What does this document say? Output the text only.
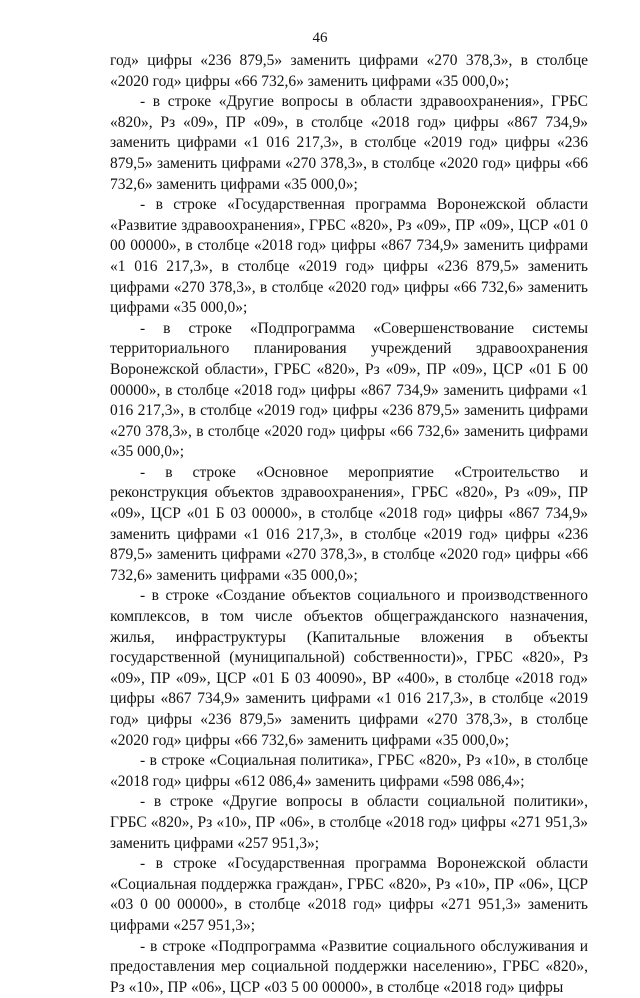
46

год» цифры «236 879,5» заменить цифрами «270 378,3», в столбце «2020 год» цифры «66 732,6» заменить цифрами «35 000,0»;

- в строке «Другие вопросы в области здравоохранения», ГРБС «820», Рз «09», ПР «09», в столбце «2018 год» цифры «867 734,9» заменить цифрами «1 016 217,3», в столбце «2019 год» цифры «236 879,5» заменить цифрами «270 378,3», в столбце «2020 год» цифры «66 732,6» заменить цифрами «35 000,0»;

- в строке «Государственная программа Воронежской области «Развитие здравоохранения», ГРБС «820», Рз «09», ПР «09», ЦСР «01 0 00 00000», в столбце «2018 год» цифры «867 734,9» заменить цифрами «1 016 217,3», в столбце «2019 год» цифры «236 879,5» заменить цифрами «270 378,3», в столбце «2020 год» цифры «66 732,6» заменить цифрами «35 000,0»;

- в строке «Подпрограмма «Совершенствование системы территориального планирования учреждений здравоохранения Воронежской области», ГРБС «820», Рз «09», ПР «09», ЦСР «01 Б 00 00000», в столбце «2018 год» цифры «867 734,9» заменить цифрами «1 016 217,3», в столбце «2019 год» цифры «236 879,5» заменить цифрами «270 378,3», в столбце «2020 год» цифры «66 732,6» заменить цифрами «35 000,0»;

- в строке «Основное мероприятие «Строительство и реконструкция объектов здравоохранения», ГРБС «820», Рз «09», ПР «09», ЦСР «01 Б 03 00000», в столбце «2018 год» цифры «867 734,9» заменить цифрами «1 016 217,3», в столбце «2019 год» цифры «236 879,5» заменить цифрами «270 378,3», в столбце «2020 год» цифры «66 732,6» заменить цифрами «35 000,0»;

- в строке «Создание объектов социального и производственного комплексов, в том числе объектов общегражданского назначения, жилья, инфраструктуры (Капитальные вложения в объекты государственной (муниципальной) собственности)», ГРБС «820», Рз «09», ПР «09», ЦСР «01 Б 03 40090», ВР «400», в столбце «2018 год» цифры «867 734,9» заменить цифрами «1 016 217,3», в столбце «2019 год» цифры «236 879,5» заменить цифрами «270 378,3», в столбце «2020 год» цифры «66 732,6» заменить цифрами «35 000,0»;

- в строке «Социальная политика», ГРБС «820», Рз «10», в столбце «2018 год» цифры «612 086,4» заменить цифрами «598 086,4»;

- в строке «Другие вопросы в области социальной политики», ГРБС «820», Рз «10», ПР «06», в столбце «2018 год» цифры «271 951,3» заменить цифрами «257 951,3»;

- в строке «Государственная программа Воронежской области «Социальная поддержка граждан», ГРБС «820», Рз «10», ПР «06», ЦСР «03 0 00 00000», в столбце «2018 год» цифры «271 951,3» заменить цифрами «257 951,3»;

- в строке «Подпрограмма «Развитие социального обслуживания и предоставления мер социальной поддержки населению», ГРБС «820», Рз «10», ПР «06», ЦСР «03 5 00 00000», в столбце «2018 год» цифры
